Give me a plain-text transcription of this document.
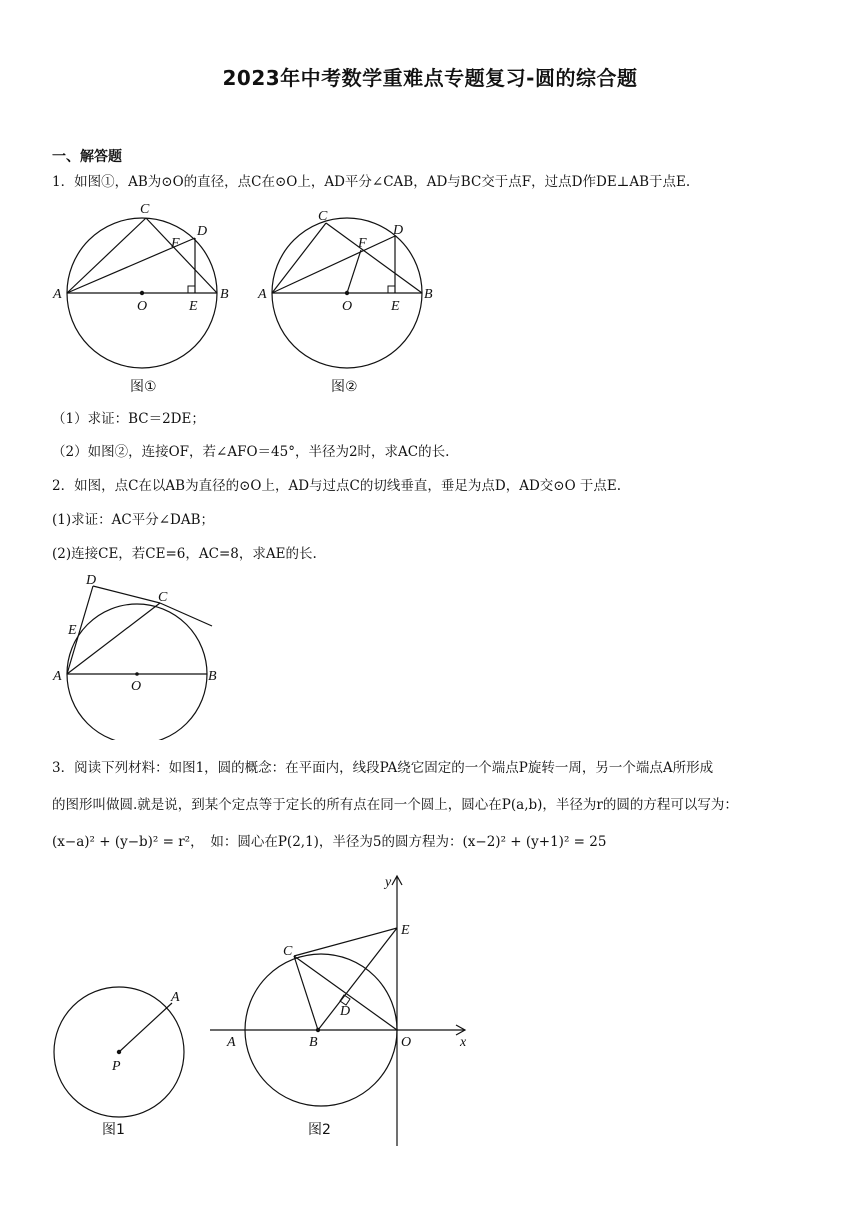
2023年中考数学重难点专题复习-圆的综合题
一、解答题
1．如图①，AB为⊙O的直径，点C在⊙O上，AD平分∠CAB，AD与BC交于点F，过点D作DE⊥AB于点E.
A
C
D
F
O	E
B
图①
A
C
D
F
O	E
B
图②
（1）求证：BC＝2DE；
（2）如图②，连接OF，若∠AFO＝45°，半径为2时，求AC的长.
2．如图，点C在以AB为直径的⊙O上，AD与过点C的切线垂直，垂足为点D，AD交⊙O 于点E.
(1)求证：AC平分∠DAB；
(2)连接CE，若CE=6，AC=8，求AE的长.
D
C
E
A
O
B
3．阅读下列材料：如图1，圆的概念：在平面内，线段PA绕它固定的一个端点P旋转一周，另一个端点A所形成
的图形叫做圆.就是说，到某个定点等于定长的所有点在同一个圆上，圆心在P(a,b)，半径为r的圆的方程可以写为：
(x−a)² + (y−b)² = r²，　如：圆心在P(2,1)，半径为5的圆方程为：(x−2)² + (y+1)² = 25
P
A
图1
y
x
E
C
D
A	B	O
图2
